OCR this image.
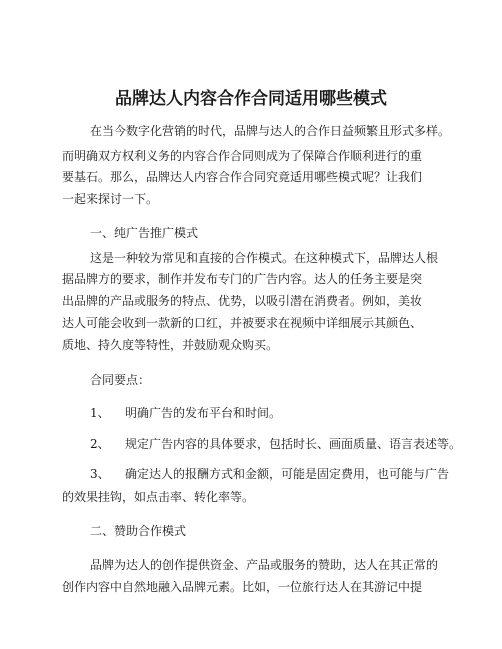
品牌达人内容合作合同适用哪些模式
在当今数字化营销的时代，品牌与达人的合作日益频繁且形式多样。
而明确双方权利义务的内容合作合同则成为了保障合作顺利进行的重
要基石。那么，品牌达人内容合作合同究竟适用哪些模式呢？让我们
一起来探讨一下。
一、纯广告推广模式
这是一种较为常见和直接的合作模式。在这种模式下，品牌达人根
据品牌方的要求，制作并发布专门的广告内容。达人的任务主要是突
出品牌的产品或服务的特点、优势，以吸引潜在消费者。例如，美妆
达人可能会收到一款新的口红，并被要求在视频中详细展示其颜色、
质地、持久度等特性，并鼓励观众购买。
合同要点：
1、 明确广告的发布平台和时间。
2、 规定广告内容的具体要求，包括时长、画面质量、语言表述等。
3、 确定达人的报酬方式和金额，可能是固定费用，也可能与广告
的效果挂钩，如点击率、转化率等。
二、赞助合作模式
品牌为达人的创作提供资金、产品或服务的赞助，达人在其正常的
创作内容中自然地融入品牌元素。比如，一位旅行达人在其游记中提
